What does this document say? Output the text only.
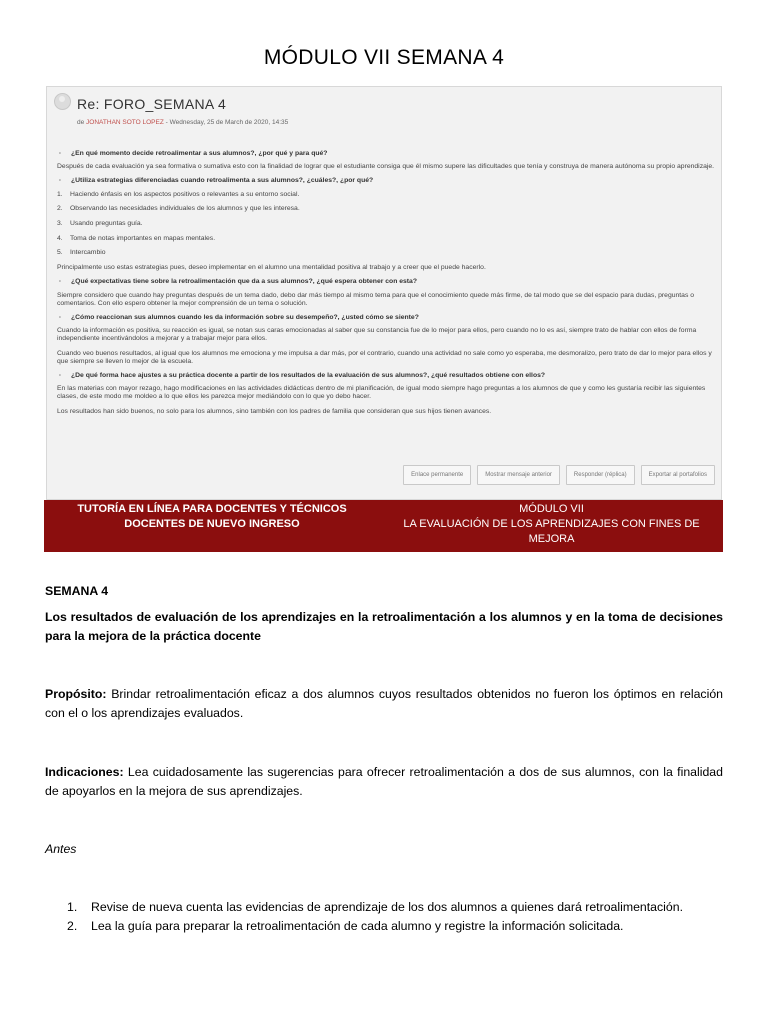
MÓDULO VII SEMANA 4
Re: FORO_SEMANA 4
de JONATHAN SOTO LOPEZ - Wednesday, 25 de March de 2020, 14:35

· ¿En qué momento decide retroalimentar a sus alumnos?, ¿por qué y para qué?

Después de cada evaluación ya sea formativa o sumativa esto con la finalidad de lograr que el estudiante consiga que él mismo supere las dificultades que tenía y construya de manera autónoma su propio aprendizaje.

· ¿Utiliza estrategias diferenciadas cuando retroalimenta a sus alumnos?, ¿cuáles?, ¿por qué?

1. Haciendo énfasis en los aspectos positivos o relevantes a su entorno social.
2. Observando las necesidades individuales de los alumnos y que les interesa.
3. Usando preguntas guía.
4. Toma de notas importantes en mapas mentales.
5. Intercambio

Principalmente uso estas estrategias pues, deseo implementar en el alumno una mentalidad positiva al trabajo y a creer que el puede hacerlo.

· ¿Qué expectativas tiene sobre la retroalimentación que da a sus alumnos?, ¿qué espera obtener con esta?

Siempre considero que cuando hay preguntas después de un tema dado, debo dar más tiempo al mismo tema para que el conocimiento quede más firme, de tal modo que se del espacio para dudas, preguntas o comentarios. Con ello espero obtener la mejor comprensión de un tema o solución.

· ¿Cómo reaccionan sus alumnos cuando les da información sobre su desempeño?, ¿usted cómo se siente?

Cuando la información es positiva, su reacción es igual, se notan sus caras emocionadas al saber que su constancia fue de lo mejor para ellos, pero cuando no lo es así, siempre trato de hablar con ellos de forma independiente incentivándolos a mejorar y a trabajar mejor para ellos.

Cuando veo buenos resultados, al igual que los alumnos me emociona y me impulsa a dar más, por el contrario, cuando una actividad no sale como yo esperaba, me desmoralizo, pero trato de dar lo mejor para ellos y que siempre se lleven lo mejor de la escuela.

· ¿De qué forma hace ajustes a su práctica docente a partir de los resultados de la evaluación de sus alumnos?, ¿qué resultados obtiene con ellos?

En las materias con mayor rezago, hago modificaciones en las actividades didácticas dentro de mi planificación, de igual modo siempre hago preguntas a los alumnos de que y como les gustaría recibir las siguientes clases, de este modo me moldeo a lo que ellos les parezca mejor mediándolo con lo que yo debo hacer.

Los resultados han sido buenos, no solo para los alumnos, sino también con los padres de familia que consideran que sus hijos tienen avances.

Enlace permanente	Mostrar mensaje anterior	Responder (réplica)	Exportar al portafolios
TUTORÍA EN LÍNEA PARA DOCENTES Y TÉCNICOS
DOCENTES DE NUEVO INGRESO
MÓDULO VII
LA EVALUACIÓN DE LOS APRENDIZAJES CON FINES DE
MEJORA
SEMANA 4
Los resultados de evaluación de los aprendizajes en la retroalimentación a los alumnos y en la toma de decisiones para la mejora de la práctica docente
Propósito: Brindar retroalimentación eficaz a dos alumnos cuyos resultados obtenidos no fueron los óptimos en relación con el o los aprendizajes evaluados.
Indicaciones: Lea cuidadosamente las sugerencias para ofrecer retroalimentación a dos de sus alumnos, con la finalidad de apoyarlos en la mejora de sus aprendizajes.
Antes
1.	Revise de nueva cuenta las evidencias de aprendizaje de los dos alumnos a quienes dará retroalimentación.
2.	Lea la guía para preparar la retroalimentación de cada alumno y registre la información solicitada.
